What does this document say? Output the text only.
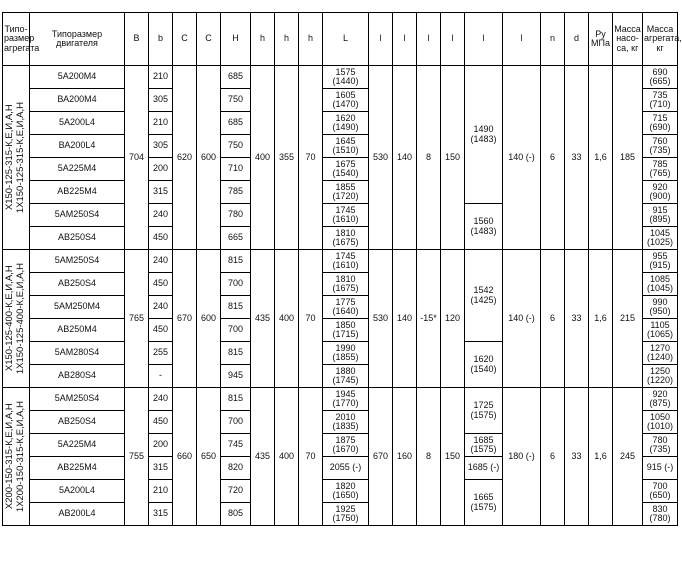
Типо-размер агрегата	Типоразмер двигателя	B	b	C	C	H	h	h	h	L	l	l	l	l	l	l	n	d	Ру МПа	Масса насо-са, кг	Масса агрегата, кг

Х150-125-315-К,Е,И,А,Н
1Х150-125-315-К,Е,И,А,Н	5А200М4	704	210	620	600	685	400	355	70	1575 (1440)	530	140	8	150	1490 (1483)	140 (-)	6	33	1,6	185	690 (665)
	ВА200М4		305			750				1605 (1470)											735 (710)
	5А200L4		210			685				1620 (1490)											715 (690)
	ВА200L4		305			750				1645 (1510)											760 (735)
	5А225М4		200			710				1675 (1540)											785 (765)
	АВ225М4		315			785				1855 (1720)											920 (900)
	5АМ250S4		240			780				1745 (1610)					1560 (1483)						915 (895)
	АВ250S4		450			665				1810 (1675)											1045 (1025)

Х150-125-400-К,Е,И,А,Н
1Х150-125-400-К,Е,И,А,Н	5АМ250S4	765	240	670	600	815	435	400	70	1745 (1610)	530	140	-15*	120	1542 (1425)	140 (-)	6	33	1,6	215	955 (915)
	АВ250S4		450			700				1810 (1675)											1085 (1045)
	5АМ250М4		240			815				1775 (1640)											990 (950)
	АВ250М4		450			700				1850 (1715)											1105 (1065)
	5АМ280S4		255			815				1990 (1855)					1620 (1540)						1270 (1240)
	АВ280S4		-			945				1880 (1745)											1250 (1220)

Х200-150-315-К,Е,И,А,Н
1Х200-150-315-К,Е,И,А,Н	5АМ250S4	755	240	660	650	815	435	400	70	1945 (1770)	670	160	8	150	1725 (1575)	180 (-)	6	33	1,6	245	920 (875)
	АВ250S4		450			700				2010 (1835)											1050 (1010)
	5А225М4		200			745				1875 (1670)					1685 (1575)						780 (735)
	АВ225М4		315			820				2055 (-)					1685 (-)						915 (-)
	5А200L4		210			720				1820 (1650)					1665 (1575)						700 (650)
	АВ200L4		315			805				1925 (1750)											830 (780)
